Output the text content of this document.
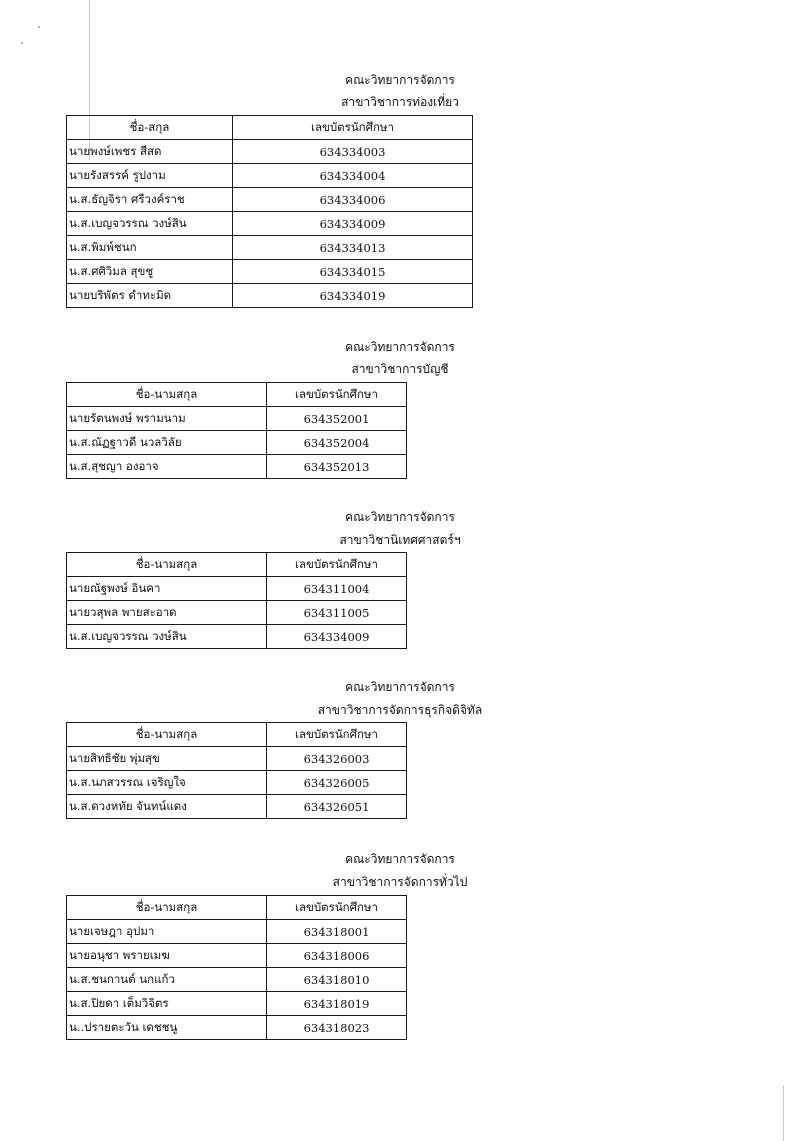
คณะวิทยาการจัดการ
สาขาวิชาการท่องเที่ยว
ชื่อ-สกุล	เลขบัตรนักศึกษา
นายพงษ์เพชร สีสด	634334003
นายรังสรรค์ รูปงาม	634334004
น.ส.ธัญจิรา ศรีวงค์ราช	634334006
น.ส.เบญจวรรณ วงษ์สิน	634334009
น.ส.พิมพ์ชนก	634334013
น.ส.ศศิวิมล สุขชู	634334015
นายบริพัตร ดำทะมิด	634334019
คณะวิทยาการจัดการ
สาขาวิชาการบัญชี
ชื่อ-นามสกุล	เลขบัตรนักศึกษา
นายรัตนพงษ์ พรามนาม	634352001
น.ส.ณัฏฐาวดี นวลวิลัย	634352004
น.ส.สุชญา องอาจ	634352013
คณะวิทยาการจัดการ
สาขาวิชานิเทศศาสตร์ฯ
ชื่อ-นามสกุล	เลขบัตรนักศึกษา
นายณัฐพงษ์ อินคา	634311004
นายวสุพล พายสะอาด	634311005
น.ส.เบญจวรรณ วงษ์สิน	634334009
คณะวิทยาการจัดการ
สาขาวิชาการจัดการธุรกิจดิจิทัล
ชื่อ-นามสกุล	เลขบัตรนักศึกษา
นายสิทธิชัย พุ่มสุข	634326003
น.ส.นภสวรรณ เจริญใจ	634326005
น.ส.ดวงหทัย จันทน์แดง	634326051
คณะวิทยาการจัดการ
สาขาวิชาการจัดการทั่วไป
ชื่อ-นามสกุล	เลขบัตรนักศึกษา
นายเจษฎา อุปมา	634318001
นายอนุชา พรายเมฆ	634318006
น.ส.ชนกานต์ นกแก้ว	634318010
น.ส.ปิยดา เต็มวิจิตร	634318019
น..ปรายตะวัน เดชชนู	634318023
